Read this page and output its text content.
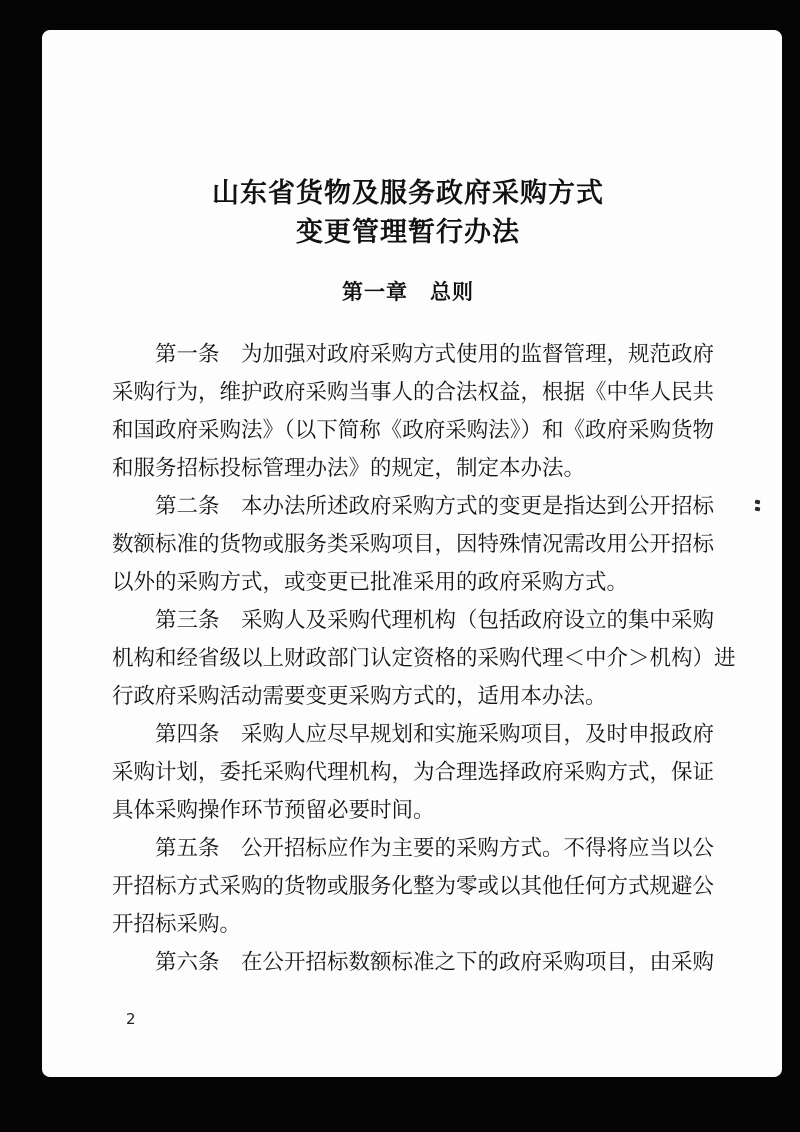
山东省货物及服务政府采购方式
变更管理暂行办法
第一章　总则
第一条　为加强对政府采购方式使用的监督管理，规范政府
采购行为，维护政府采购当事人的合法权益，根据《中华人民共
和国政府采购法》（以下简称《政府采购法》）和《政府采购货物
和服务招标投标管理办法》的规定，制定本办法。
第二条　本办法所述政府采购方式的变更是指达到公开招标
数额标准的货物或服务类采购项目，因特殊情况需改用公开招标
以外的采购方式，或变更已批准采用的政府采购方式。
第三条　采购人及采购代理机构（包括政府设立的集中采购
机构和经省级以上财政部门认定资格的采购代理＜中介＞机构）进
行政府采购活动需要变更采购方式的，适用本办法。
第四条　采购人应尽早规划和实施采购项目，及时申报政府
采购计划，委托采购代理机构，为合理选择政府采购方式，保证
具体采购操作环节预留必要时间。
第五条　公开招标应作为主要的采购方式。不得将应当以公
开招标方式采购的货物或服务化整为零或以其他任何方式规避公
开招标采购。
第六条　在公开招标数额标准之下的政府采购项目，由采购
2
